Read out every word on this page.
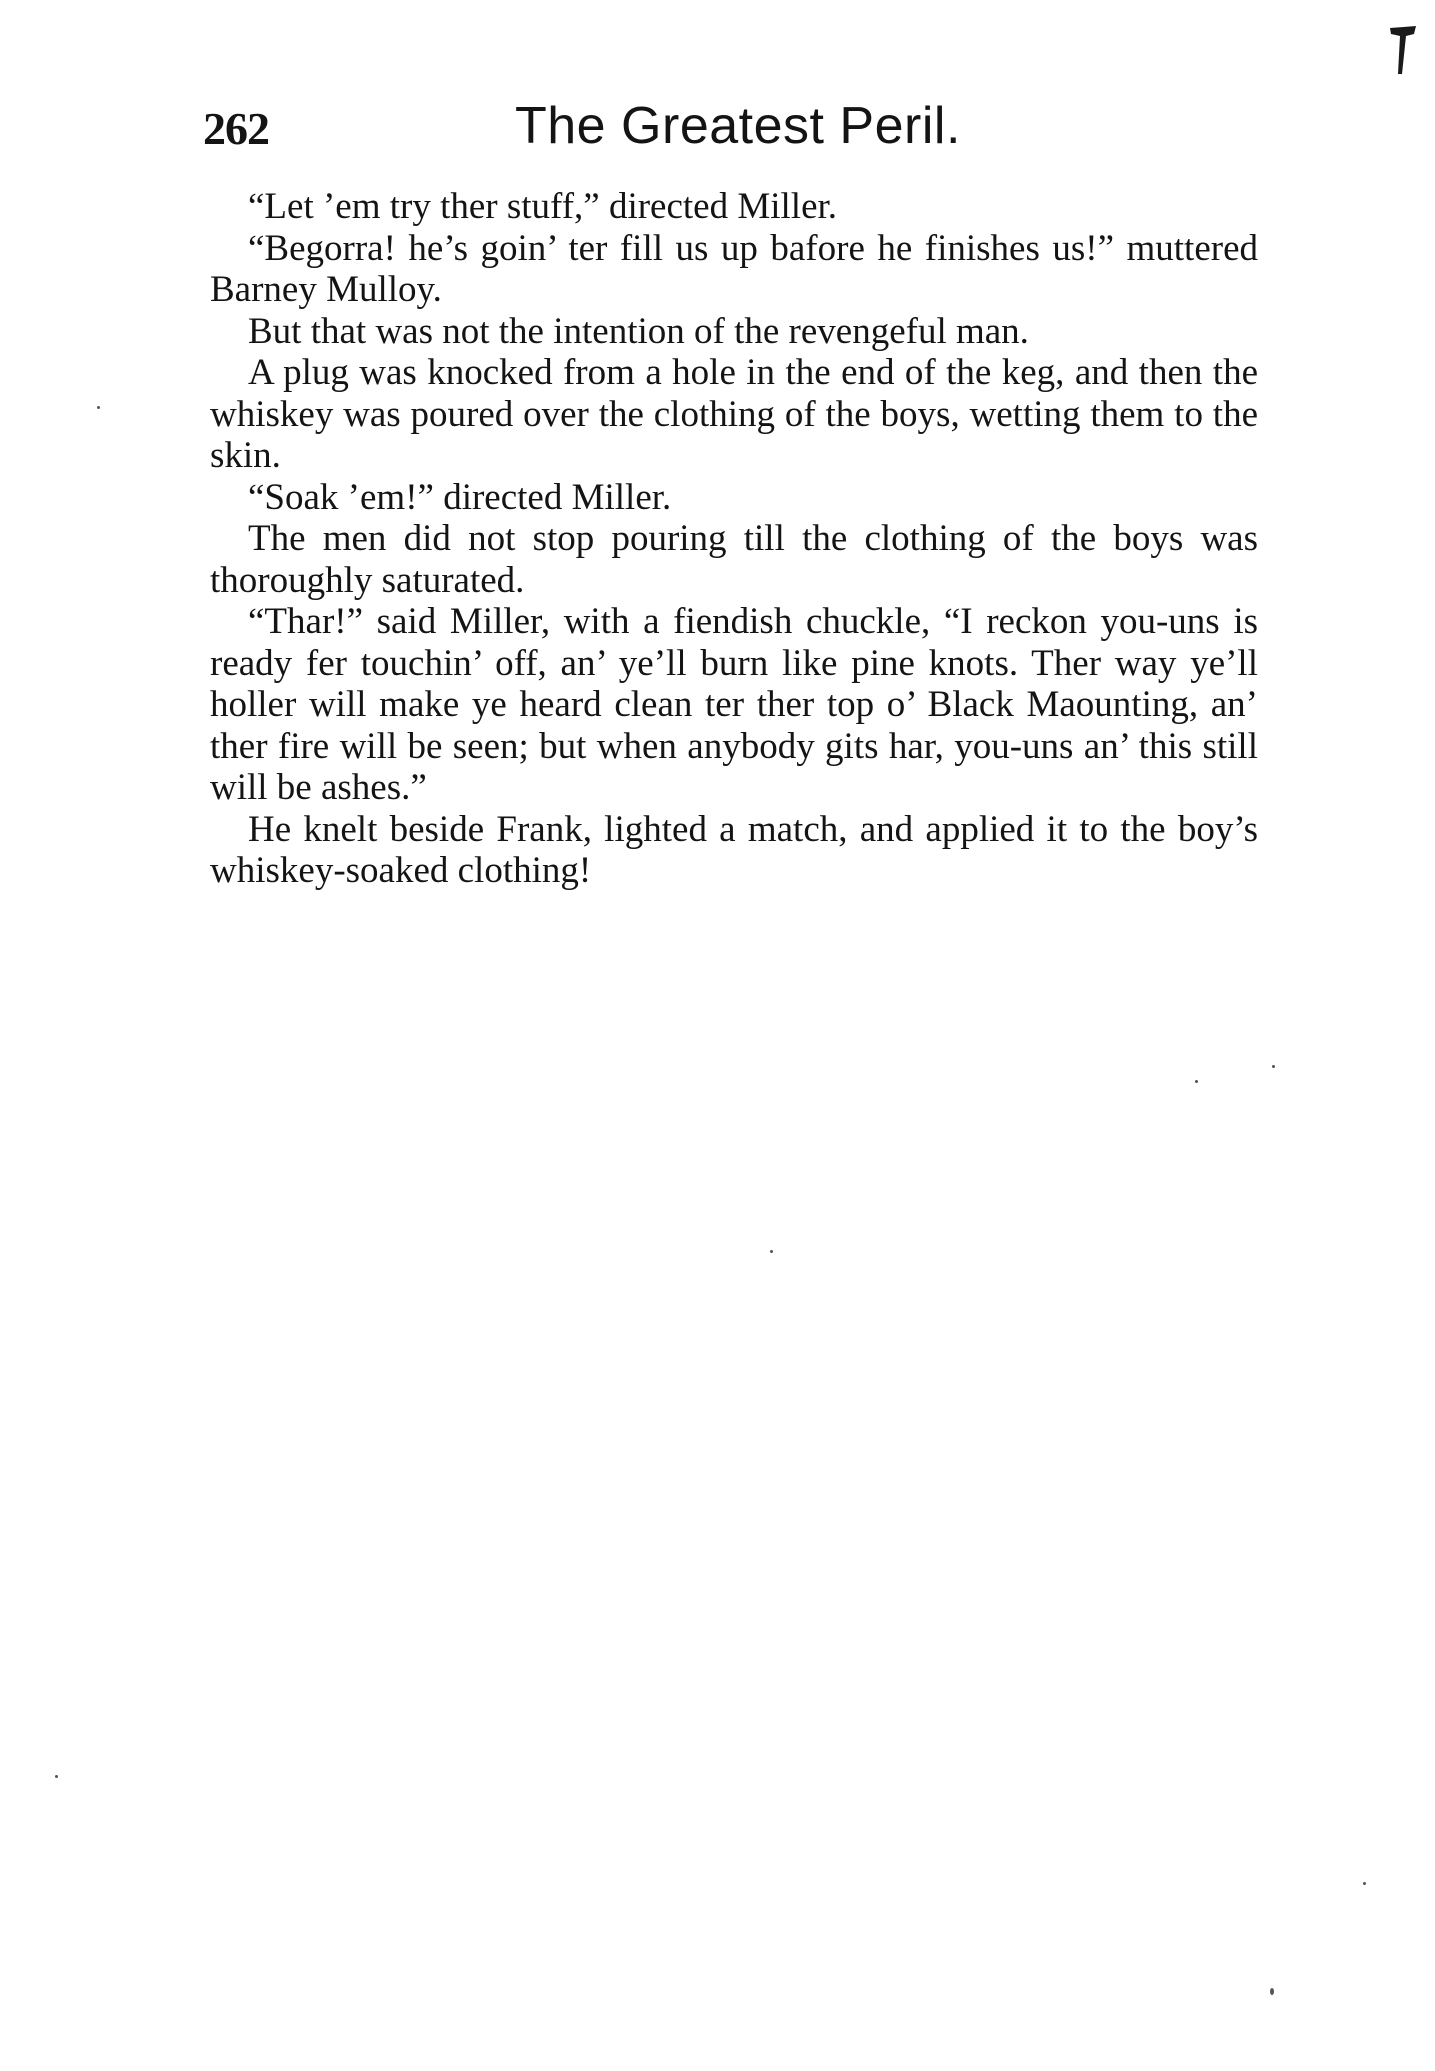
262	The Greatest Peril.

“Let ’em try ther stuff,” directed Miller.

“Begorra! he’s goin’ ter fill us up bafore he finishes us!” muttered Barney Mulloy.

But that was not the intention of the revengeful man.

A plug was knocked from a hole in the end of the keg, and then the whiskey was poured over the clothing of the boys, wetting them to the skin.

“Soak ’em!” directed Miller.

The men did not stop pouring till the clothing of the boys was thoroughly saturated.

“Thar!” said Miller, with a fiendish chuckle, “I reckon you-uns is ready fer touchin’ off, an’ ye’ll burn like pine knots. Ther way ye’ll holler will make ye heard clean ter ther top o’ Black Maounting, an’ ther fire will be seen; but when anybody gits har, you-uns an’ this still will be ashes.”

He knelt beside Frank, lighted a match, and applied it to the boy’s whiskey-soaked clothing!
